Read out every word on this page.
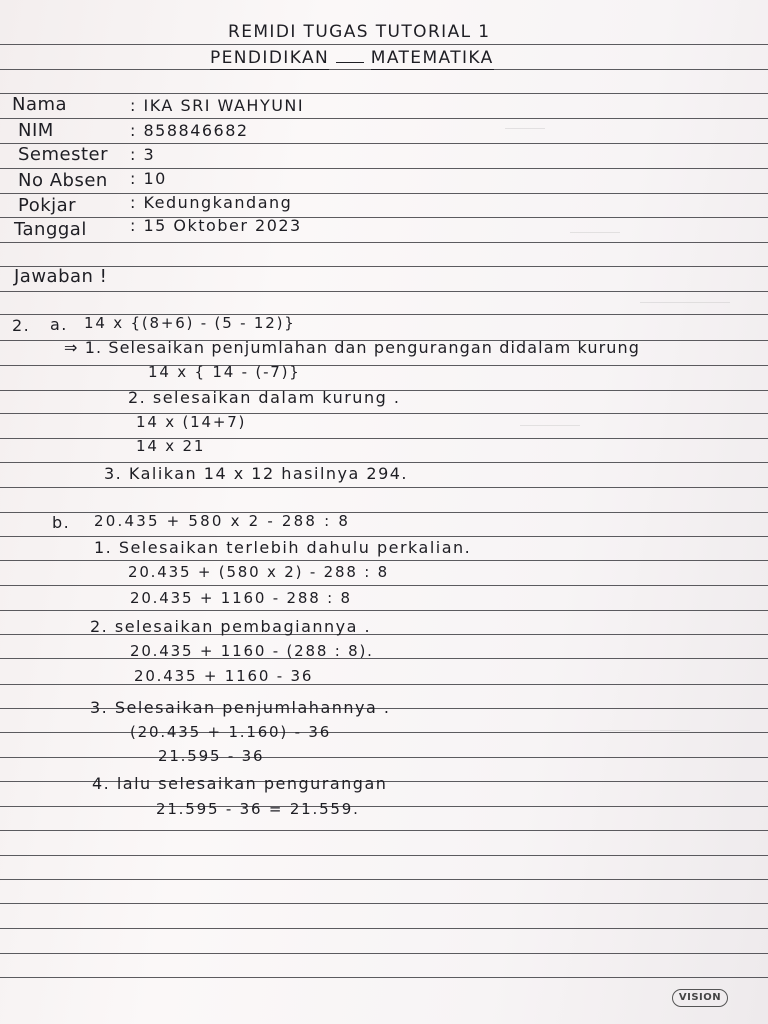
REMIDI TUGAS TUTORIAL 1
PENDIDIKAN MATEMATIKA
Nama	: IKA SRI WAHYUNI
NIM	: 858846682
Semester : 3
No Absen : 10
Pokjar	: Kedungkandang
Tanggal	: 15 Oktober 2023
Jawaban !
2. a. 14 x {(8+6) - (5 - 12)}
⇒ 1. Selesaikan penjumlahan dan pengurangan didalam kurung
14 x { 14 - (-7)}
2. selesaikan dalam kurung .
14 x (14+7)
14 x 21
3. Kalikan 14 x 12 hasilnya 294.
b. 20.435 + 580 x 2 - 288 : 8
1. Selesaikan terlebih dahulu perkalian.
20.435 + (580 x 2) - 288 : 8
20.435 + 1160 - 288 : 8
2. selesaikan pembagiannya .
20.435 + 1160 - (288 : 8).
20.435 + 1160 - 36
3. Selesaikan penjumlahannya .
(20.435 + 1.160) - 36
21.595 - 36
4. lalu selesaikan pengurangan
21.595 - 36 = 21.559.
VISION
